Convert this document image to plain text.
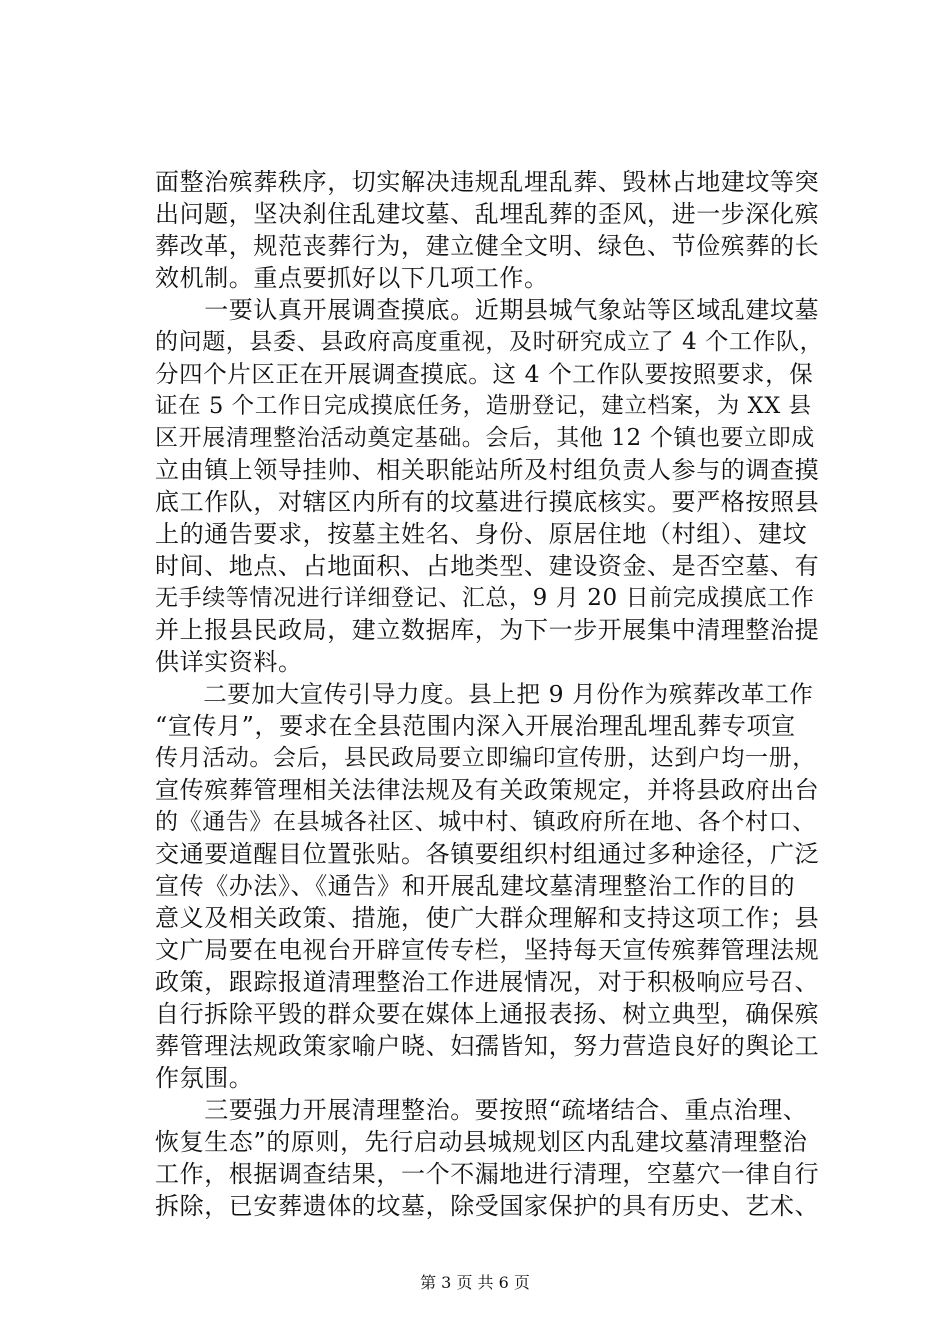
面整治殡葬秩序，切实解决违规乱埋乱葬、毁林占地建坟等突
出问题，坚决刹住乱建坟墓、乱埋乱葬的歪风，进一步深化殡
葬改革，规范丧葬行为，建立健全文明、绿色、节俭殡葬的长
效机制。重点要抓好以下几项工作。
　　一要认真开展调查摸底。近期县城气象站等区域乱建坟墓
的问题，县委、县政府高度重视，及时研究成立了 4 个工作队，
分四个片区正在开展调查摸底。这 4 个工作队要按照要求，保
证在 5 个工作日完成摸底任务，造册登记，建立档案，为 XX 县
区开展清理整治活动奠定基础。会后，其他 12 个镇也要立即成
立由镇上领导挂帅、相关职能站所及村组负责人参与的调查摸
底工作队，对辖区内所有的坟墓进行摸底核实。要严格按照县
上的通告要求，按墓主姓名、身份、原居住地（村组）、建坟
时间、地点、占地面积、占地类型、建设资金、是否空墓、有
无手续等情况进行详细登记、汇总，9 月 20 日前完成摸底工作
并上报县民政局，建立数据库，为下一步开展集中清理整治提
供详实资料。
　　二要加大宣传引导力度。县上把 9 月份作为殡葬改革工作
“宣传月”，要求在全县范围内深入开展治理乱埋乱葬专项宣
传月活动。会后，县民政局要立即编印宣传册，达到户均一册，
宣传殡葬管理相关法律法规及有关政策规定，并将县政府出台
的《通告》在县城各社区、城中村、镇政府所在地、各个村口、
交通要道醒目位置张贴。各镇要组织村组通过多种途径，广泛
宣传《办法》、《通告》和开展乱建坟墓清理整治工作的目的
意义及相关政策、措施，使广大群众理解和支持这项工作；县
文广局要在电视台开辟宣传专栏，坚持每天宣传殡葬管理法规
政策，跟踪报道清理整治工作进展情况，对于积极响应号召、
自行拆除平毁的群众要在媒体上通报表扬、树立典型，确保殡
葬管理法规政策家喻户晓、妇孺皆知，努力营造良好的舆论工
作氛围。
　　三要强力开展清理整治。要按照“疏堵结合、重点治理、
恢复生态”的原则，先行启动县城规划区内乱建坟墓清理整治
工作，根据调查结果，一个不漏地进行清理，空墓穴一律自行
拆除，已安葬遗体的坟墓，除受国家保护的具有历史、艺术、
第 3 页 共 6 页
